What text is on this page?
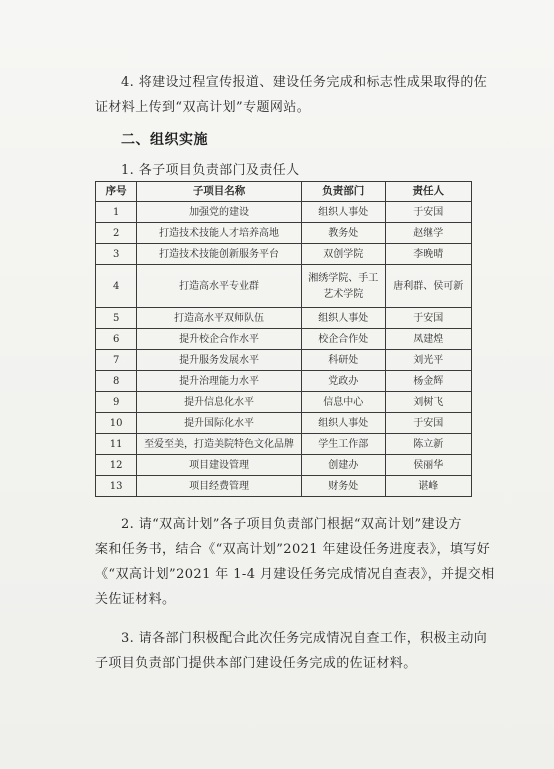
4. 将建设过程宣传报道、建设任务完成和标志性成果取得的佐
证材料上传到“双高计划”专题网站。
二、组织实施
1. 各子项目负责部门及责任人
序号	子项目名称	负责部门	责任人
1	加强党的建设	组织人事处	于安国
2	打造技术技能人才培养高地	教务处	赵继学
3	打造技术技能创新服务平台	双创学院	李晚晴
4	打造高水平专业群	湘绣学院、手工
艺术学院	唐利群、侯可新
5	打造高水平双师队伍	组织人事处	于安国
6	提升校企合作水平	校企合作处	凤建煌
7	提升服务发展水平	科研处	刘光平
8	提升治理能力水平	党政办	杨金辉
9	提升信息化水平	信息中心	刘树飞
10	提升国际化水平	组织人事处	于安国
11	至爱至美，打造美院特色文化品牌	学生工作部	陈立新
12	项目建设管理	创建办	侯丽华
13	项目经费管理	财务处	谌峰
2. 请“双高计划”各子项目负责部门根据“双高计划”建设方
案和任务书，结合《“双高计划”2021 年建设任务进度表》，填写好
《“双高计划”2021 年 1-4 月建设任务完成情况自查表》，并提交相
关佐证材料。
3. 请各部门积极配合此次任务完成情况自查工作，积极主动向
子项目负责部门提供本部门建设任务完成的佐证材料。
